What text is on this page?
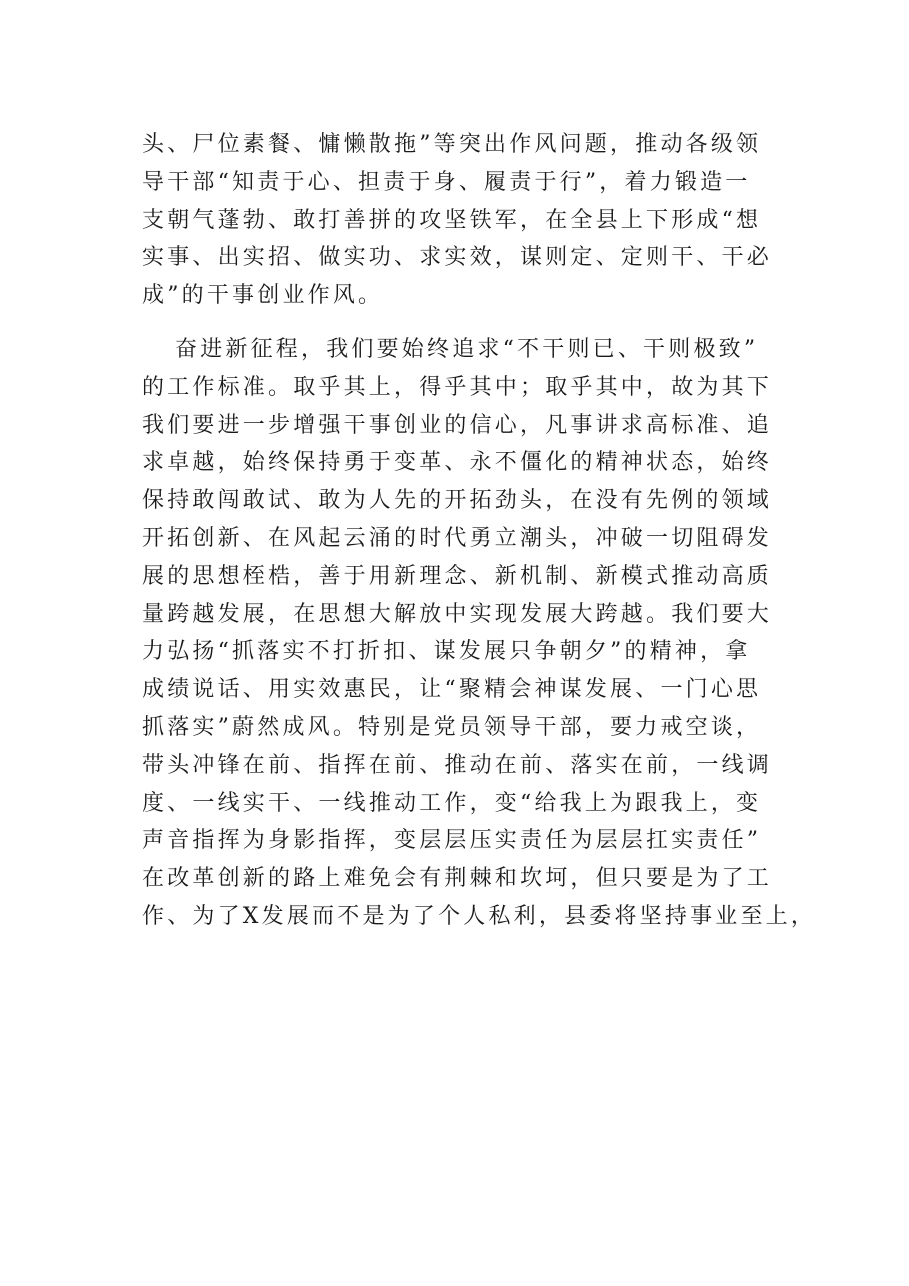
头、尸位素餐、慵懒散拖”等突出作风问题，推动各级领
导干部“知责于心、担责于身、履责于行”，着力锻造一
支朝气蓬勃、敢打善拼的攻坚铁军，在全县上下形成“想
实事、出实招、做实功、求实效，谋则定、定则干、干必
成”的干事创业作风。
奋进新征程，我们要始终追求“不干则已、干则极致”
的工作标准。取乎其上，得乎其中；取乎其中，故为其下
我们要进一步增强干事创业的信心，凡事讲求高标准、追
求卓越，始终保持勇于变革、永不僵化的精神状态，始终
保持敢闯敢试、敢为人先的开拓劲头，在没有先例的领域
开拓创新、在风起云涌的时代勇立潮头，冲破一切阻碍发
展的思想桎梏，善于用新理念、新机制、新模式推动高质
量跨越发展，在思想大解放中实现发展大跨越。我们要大
力弘扬“抓落实不打折扣、谋发展只争朝夕”的精神，拿
成绩说话、用实效惠民，让“聚精会神谋发展、一门心思
抓落实”蔚然成风。特别是党员领导干部，要力戒空谈，
带头冲锋在前、指挥在前、推动在前、落实在前，一线调
度、一线实干、一线推动工作，变“给我上为跟我上，变
声音指挥为身影指挥，变层层压实责任为层层扛实责任”
在改革创新的路上难免会有荆棘和坎坷，但只要是为了工
作、为了X发展而不是为了个人私利，县委将坚持事业至上，
